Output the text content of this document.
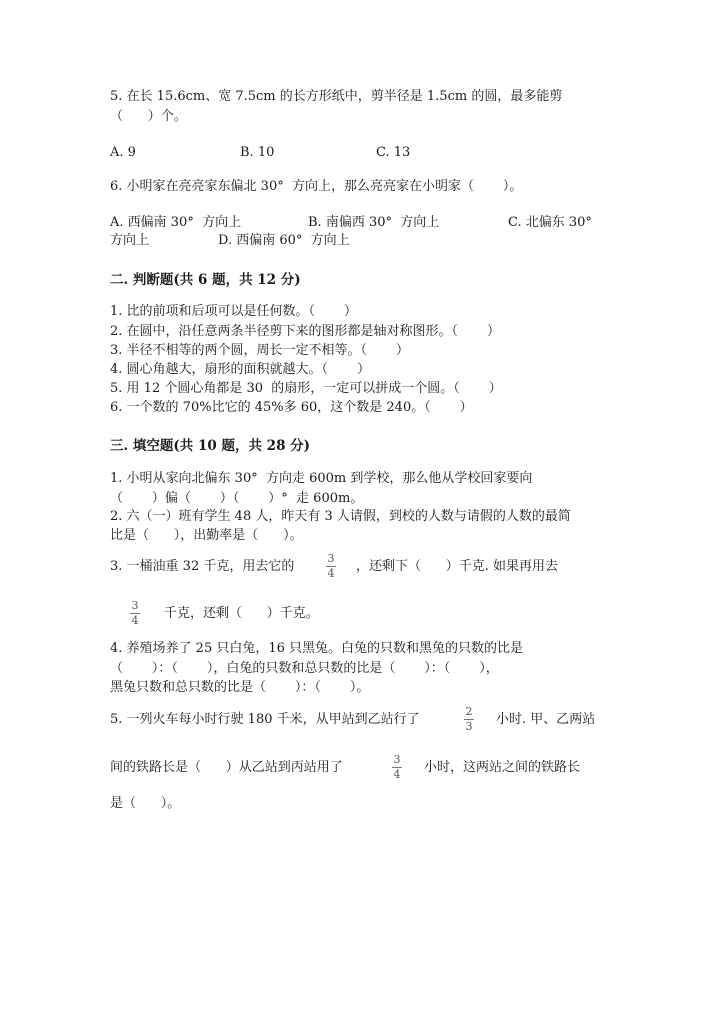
5. 在长 15.6cm、宽 7.5cm 的长方形纸中，剪半径是 1.5cm 的圆，最多能剪
（      ）个。
A. 9	B. 10	C. 13
6. 小明家在亮亮家东偏北 30°  方向上，那么亮亮家在小明家（       ）。
A. 西偏南 30°  方向上	B. 南偏西 30°  方向上	C. 北偏东 30°
方向上	D. 西偏南 60°  方向上
二. 判断题(共 6 题，共 12 分)
1. 比的前项和后项可以是任何数。（       ）
2. 在圆中，沿任意两条半径剪下来的图形都是轴对称图形。（       ）
3. 半径不相等的两个圆，周长一定不相等。（       ）
4. 圆心角越大，扇形的面积就越大。（       ）
5. 用 12 个圆心角都是 30  的扇形，一定可以拼成一个圆。（       ）
6. 一个数的 70%比它的 45%多 60，这个数是 240。（       ）
三. 填空题(共 10 题，共 28 分)
1. 小明从家向北偏东 30°  方向走 600m 到学校，那么他从学校回家要向
（       ）偏（       ）（       ）°  走 600m。
2. 六（一）班有学生 48 人，昨天有 3 人请假，到校的人数与请假的人数的最简
比是（      ），出勤率是（      ）。
3. 一桶油重 32 千克，用去它的
3
4 ，还剩下（      ）千克. 如果再用去
3
4 千克，还剩（      ）千克。
4. 养殖场养了 25 只白兔，16 只黑兔。白兔的只数和黑兔的只数的比是
（       ）：（       ），白兔的只数和总只数的比是（       ）：（       ），
黑兔只数和总只数的比是（       ）：（       ）。
5. 一列火车每小时行驶 180 千米，从甲站到乙站行了
2
3 小时. 甲、乙两站
间的铁路长是（      ）从乙站到丙站用了
3
4 小时，这两站之间的铁路长
是（      ）。
